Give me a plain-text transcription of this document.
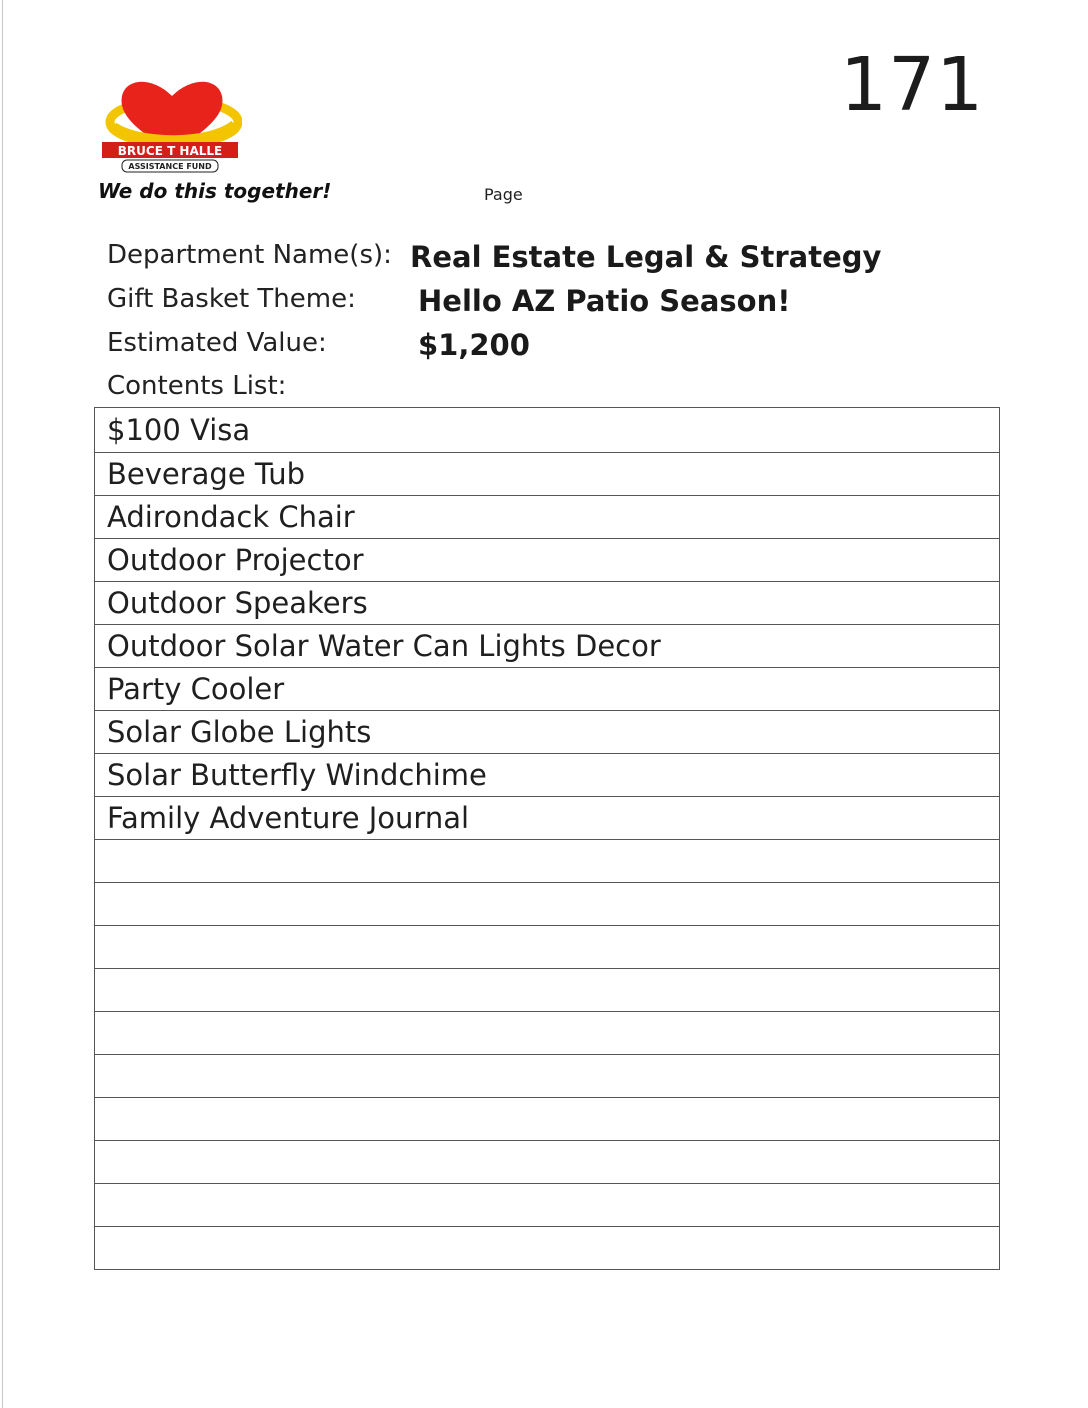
BRUCE T HALLE
ASSISTANCE FUND
We do this together!	Page
171
Department Name(s): Real Estate Legal & Strategy
Gift Basket Theme: Hello AZ Patio Season!
Estimated Value:	$1,200
Contents List:
$100 Visa
Beverage Tub
Adirondack Chair
Outdoor Projector
Outdoor Speakers
Outdoor Solar Water Can Lights Decor
Party Cooler
Solar Globe Lights
Solar Butterfly Windchime
Family Adventure Journal
